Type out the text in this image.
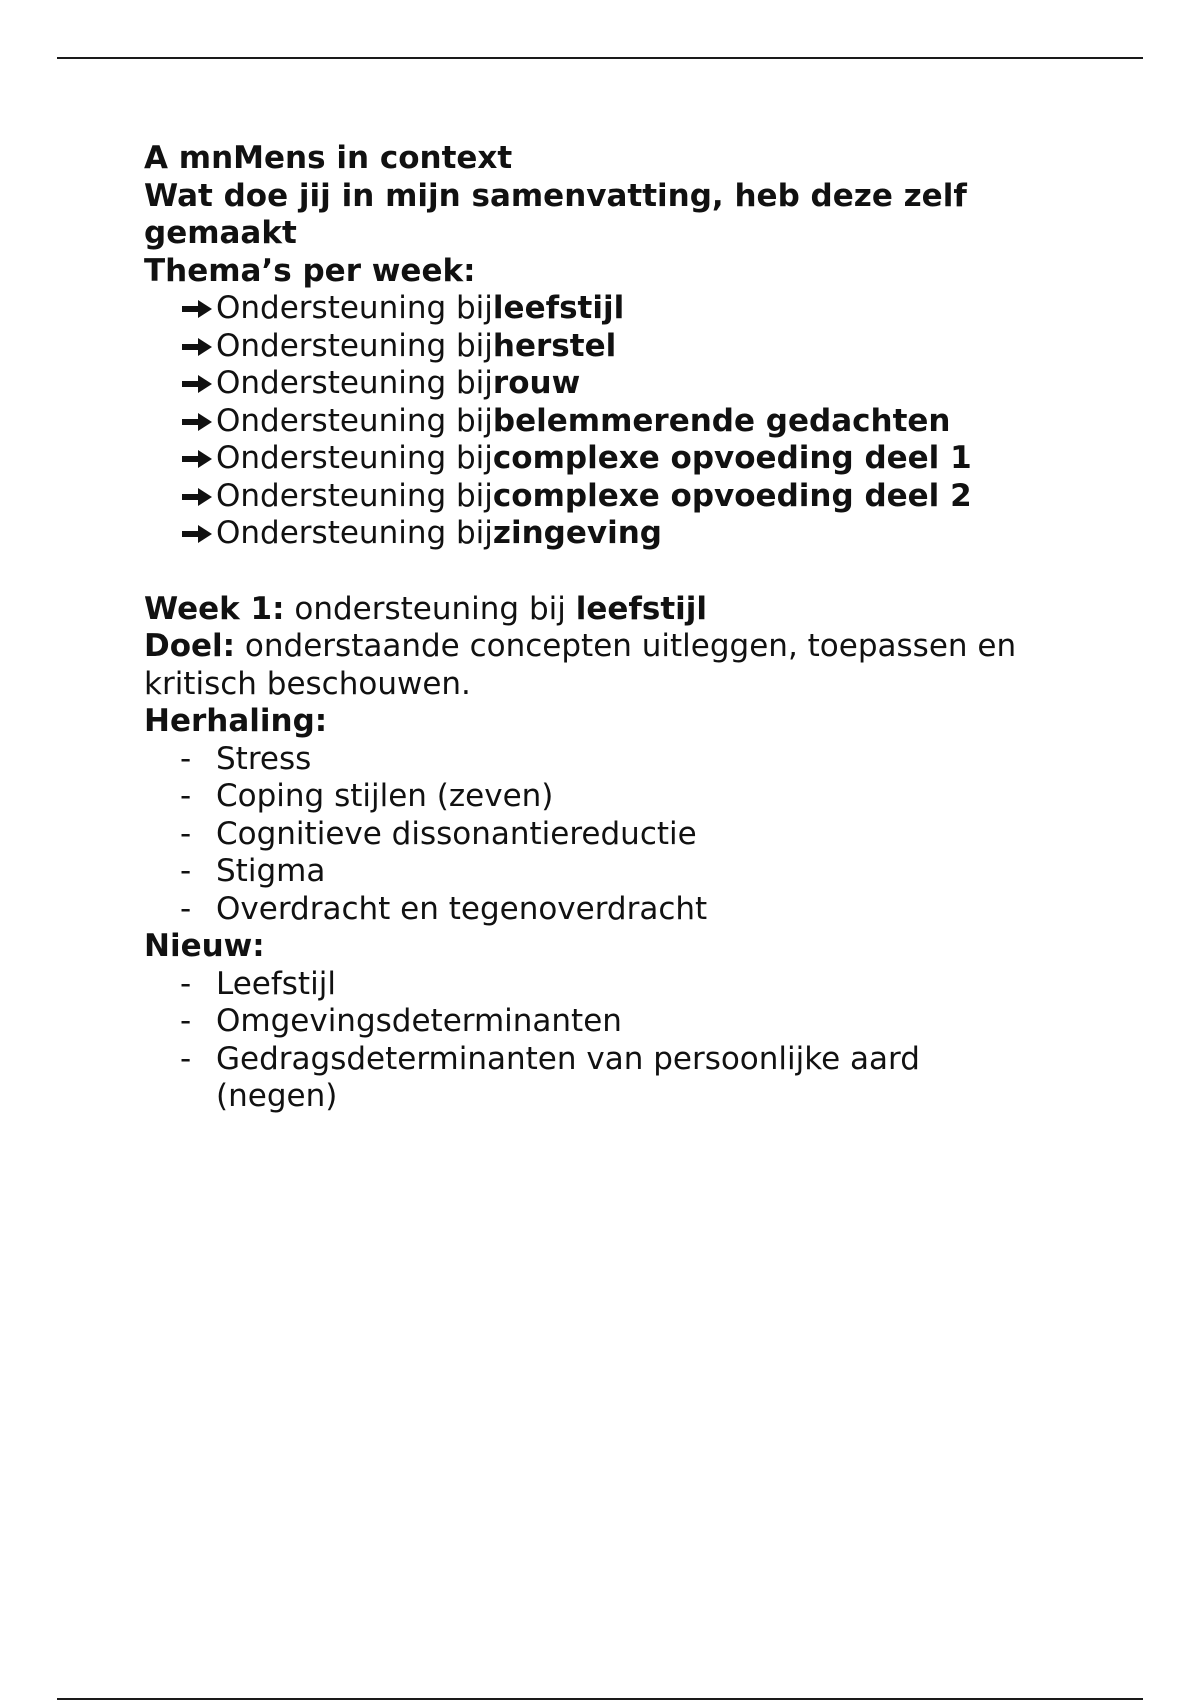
A mnMens in context

Wat doe jij in mijn samenvatting, heb deze zelf gemaakt

Thema’s per week:

Ondersteuning bij leefstijl
Ondersteuning bij herstel
Ondersteuning bij rouw
Ondersteuning bij belemmerende gedachten
Ondersteuning bij complexe opvoeding deel 1
Ondersteuning bij complexe opvoeding deel 2
Ondersteuning bij zingeving

Week 1: ondersteuning bij leefstijl

Doel: onderstaande concepten uitleggen, toepassen en kritisch beschouwen.

Herhaling:

- Stress
- Coping stijlen (zeven)
- Cognitieve dissonantiereductie
- Stigma
- Overdracht en tegenoverdracht

Nieuw:

- Leefstijl
- Omgevingsdeterminanten
- Gedragsdeterminanten van persoonlijke aard (negen)
